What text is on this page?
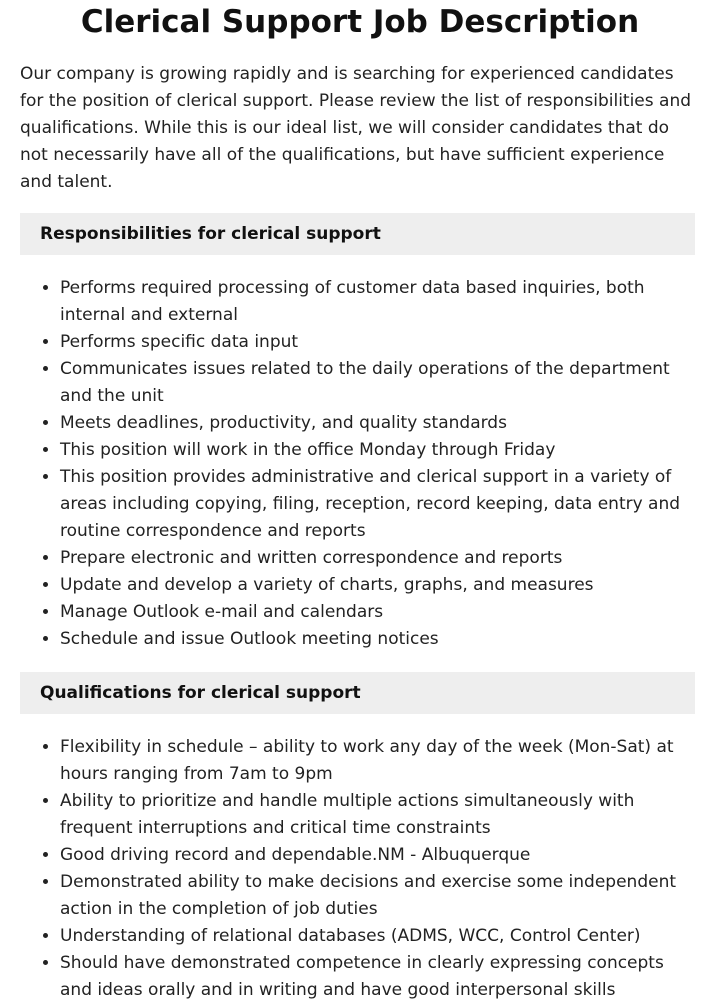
Clerical Support Job Description

Our company is growing rapidly and is searching for experienced candidates for the position of clerical support. Please review the list of responsibilities and qualifications. While this is our ideal list, we will consider candidates that do not necessarily have all of the qualifications, but have sufficient experience and talent.

Responsibilities for clerical support
• Performs required processing of customer data based inquiries, both internal and external
• Performs specific data input
• Communicates issues related to the daily operations of the department and the unit
• Meets deadlines, productivity, and quality standards
• This position will work in the office Monday through Friday
• This position provides administrative and clerical support in a variety of areas including copying, filing, reception, record keeping, data entry and routine correspondence and reports
• Prepare electronic and written correspondence and reports
• Update and develop a variety of charts, graphs, and measures
• Manage Outlook e-mail and calendars
• Schedule and issue Outlook meeting notices
Qualifications for clerical support
• Flexibility in schedule – ability to work any day of the week (Mon-Sat) at hours ranging from 7am to 9pm
• Ability to prioritize and handle multiple actions simultaneously with frequent interruptions and critical time constraints
• Good driving record and dependable.NM - Albuquerque
• Demonstrated ability to make decisions and exercise some independent action in the completion of job duties
• Understanding of relational databases (ADMS, WCC, Control Center)
• Should have demonstrated competence in clearly expressing concepts and ideas orally and in writing and have good interpersonal skills
